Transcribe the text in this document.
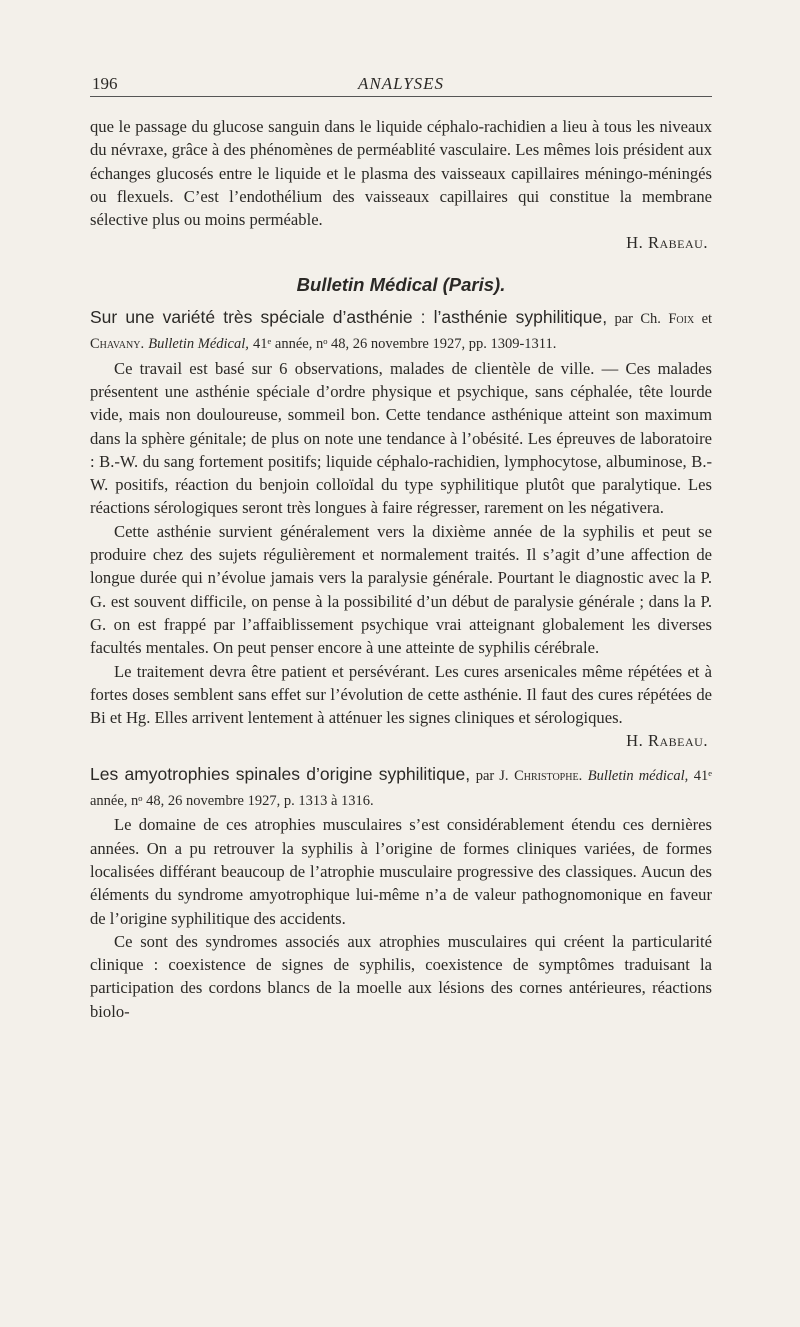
196	ANALYSES

que le passage du glucose sanguin dans le liquide céphalo-rachidien a lieu à tous les niveaux du névraxe, grâce à des phénomènes de perméablité vasculaire. Les mêmes lois président aux échanges glucosés entre le liquide et le plasma des vaisseaux capillaires méningo-méningés ou flexuels. C’est l’endothélium des vaisseaux capillaires qui constitue la membrane sélective plus ou moins perméable.

H. Rabeau.

Bulletin Médical (Paris).

Sur une variété très spéciale d’asthénie : l’asthénie syphilitique, par Ch. Foix et Chavany. Bulletin Médical, 41ᵉ année, nᵒ 48, 26 novembre 1927, pp. 1309-1311.

Ce travail est basé sur 6 observations, malades de clientèle de ville. — Ces malades présentent une asthénie spéciale d’ordre physique et psychique, sans céphalée, tête lourde vide, mais non douloureuse, sommeil bon. Cette tendance asthénique atteint son maximum dans la sphère génitale; de plus on note une tendance à l’obésité. Les épreuves de laboratoire : B.-W. du sang fortement positifs; liquide céphalo-rachidien, lymphocytose, albuminose, B.-W. positifs, réaction du benjoin colloïdal du type syphilitique plutôt que paralytique. Les réactions sérologiques seront très longues à faire régresser, rarement on les négativera.

Cette asthénie survient généralement vers la dixième année de la syphilis et peut se produire chez des sujets régulièrement et normalement traités. Il s’agit d’une affection de longue durée qui n’évolue jamais vers la paralysie générale. Pourtant le diagnostic avec la P. G. est souvent difficile, on pense à la possibilité d’un début de paralysie générale ; dans la P. G. on est frappé par l’affaiblissement psychique vrai atteignant globalement les diverses facultés mentales. On peut penser encore à une atteinte de syphilis cérébrale.

Le traitement devra être patient et persévérant. Les cures arsenicales même répétées et à fortes doses semblent sans effet sur l’évolution de cette asthénie. Il faut des cures répétées de Bi et Hg. Elles arrivent lentement à atténuer les signes cliniques et sérologiques.

H. Rabeau.

Les amyotrophies spinales d’origine syphilitique, par J. Christophe. Bulletin médical, 41ᵉ année, nᵒ 48, 26 novembre 1927, p. 1313 à 1316.

Le domaine de ces atrophies musculaires s’est considérablement étendu ces dernières années. On a pu retrouver la syphilis à l’origine de formes cliniques variées, de formes localisées différant beaucoup de l’atrophie musculaire progressive des classiques. Aucun des éléments du syndrome amyotrophique lui-même n’a de valeur pathognomonique en faveur de l’origine syphilitique des accidents.

Ce sont des syndromes associés aux atrophies musculaires qui créent la particularité clinique : coexistence de signes de syphilis, coexistence de symptômes traduisant la participation des cordons blancs de la moelle aux lésions des cornes antérieures, réactions biolo-
